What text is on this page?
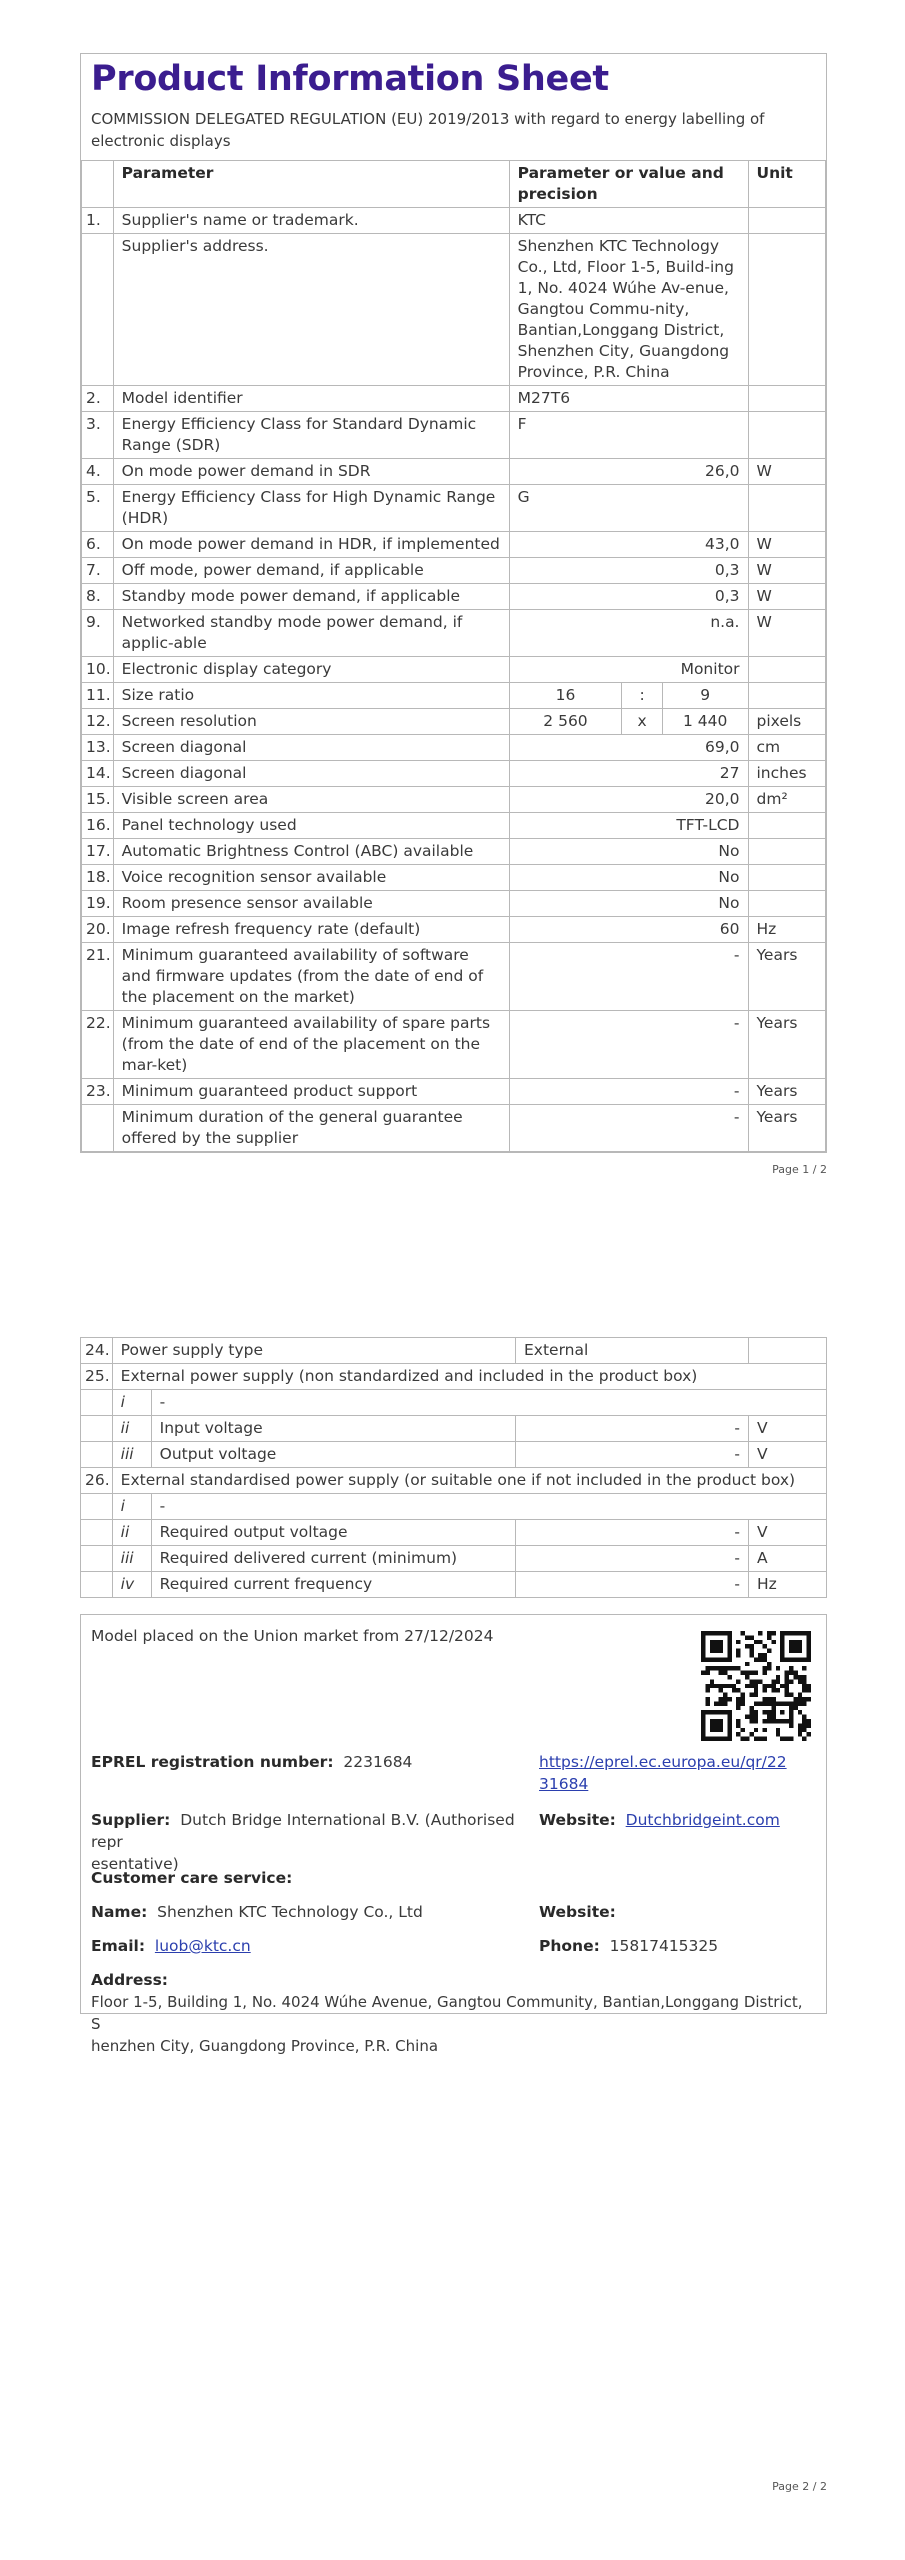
Product Information Sheet
COMMISSION DELEGATED REGULATION (EU) 2019/2013 with regard to energy labelling of electronic displays
	Parameter	Parameter or value and precision			Unit
1.	Supplier's name or trademark.	KTC			
	Supplier's address.	Shenzhen KTC Technology Co., Ltd, Floor 1-5, Build-ing 1, No. 4024 Wúhe Av-enue, Gangtou Commu-nity, Bantian,Longgang District, Shenzhen City, Guangdong Province, P.R. China			
2.	Model identifier	M27T6			
3.	Energy Efficiency Class for Standard Dynamic Range (SDR)	F			
4.	On mode power demand in SDR	26,0			W
5.	Energy Efficiency Class for High Dynamic Range (HDR)	G			
6.	On mode power demand in HDR, if implemented	43,0			W
7.	Off mode, power demand, if applicable	0,3			W
8.	Standby mode power demand, if applicable	0,3			W
9.	Networked standby mode power demand, if applic-able	n.a.			W
10.	Electronic display category	Monitor			
11.	Size ratio	16	:	9	
12.	Screen resolution	2 560	x	1 440	pixels
13.	Screen diagonal	69,0			cm
14.	Screen diagonal	27			inches
15.	Visible screen area	20,0			dm²
16.	Panel technology used	TFT-LCD			
17.	Automatic Brightness Control (ABC) available	No			
18.	Voice recognition sensor available	No			
19.	Room presence sensor available	No			
20.	Image refresh frequency rate (default)	60			Hz
21.	Minimum guaranteed availability of software and firmware updates (from the date of end of the placement on the market)	-			Years
22.	Minimum guaranteed availability of spare parts (from the date of end of the placement on the mar-ket)	-			Years
23.	Minimum guaranteed product support	-			Years
	Minimum duration of the general guarantee offered by the supplier	-			Years
Page 1 / 2
24.	Power supply type		External	
25.	External power supply (non standardized and included in the product box)			
	i	-		
	ii	Input voltage	-	V
	iii	Output voltage	-	V
26.	External standardised power supply (or suitable one if not included in the product box)			
	i	-		
	ii	Required output voltage	-	V
	iii	Required delivered current (minimum)	-	A
	iv	Required current frequency	-	Hz
Model placed on the Union market from 27/12/2024
EPREL registration number: 2231684	https://eprel.ec.europa.eu/qr/22
31684
Supplier: Dutch Bridge International B.V. (Authorised repr
esentative)
Website: Dutchbridgeint.com
Customer care service:
Name: Shenzhen KTC Technology Co., Ltd	Website:
Email: luob@ktc.cn	Phone: 15817415325
Address:
Floor 1-5, Building 1, No. 4024 Wúhe Avenue, Gangtou Community, Bantian,Longgang District, S
henzhen City, Guangdong Province, P.R. China
Page 2 / 2
